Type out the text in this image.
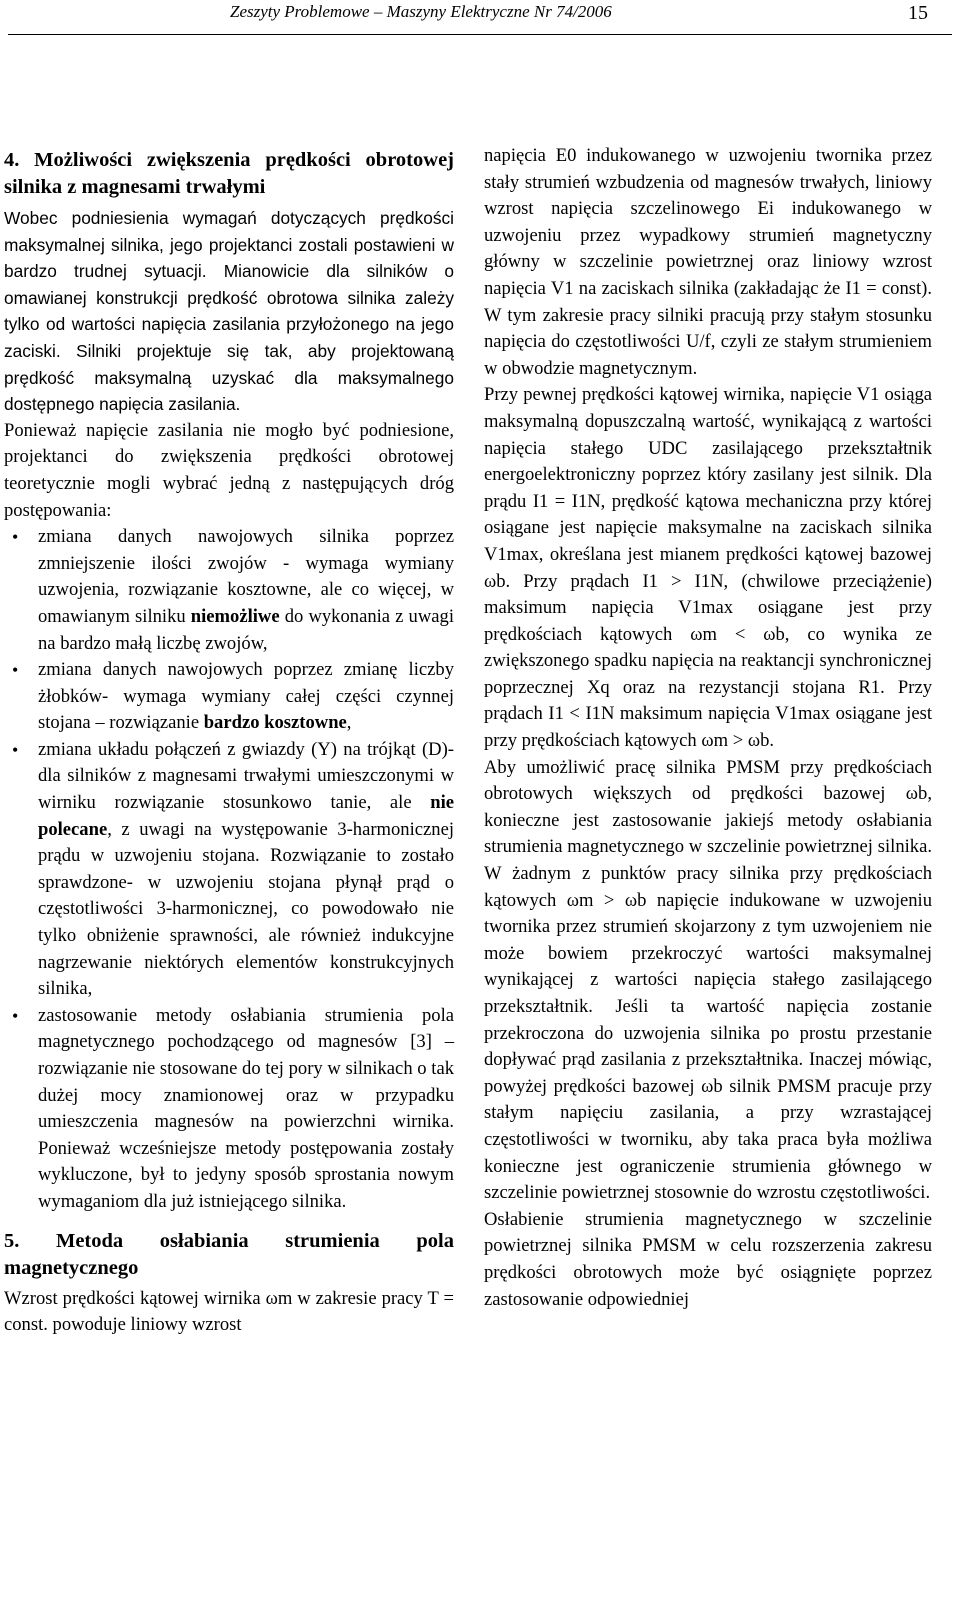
Zeszyty Problemowe – Maszyny Elektryczne Nr 74/2006	15
4. Możliwości zwiększenia prędkości obrotowej silnika z magnesami trwałymi

Wobec podniesienia wymagań dotyczących prędkości maksymalnej silnika, jego projektanci zostali postawieni w bardzo trudnej sytuacji. Mianowicie dla silników o omawianej konstrukcji prędkość obrotowa silnika zależy tylko od wartości napięcia zasilania przyłożonego na jego zaciski. Silniki projektuje się tak, aby projektowaną prędkość maksymalną uzyskać dla maksymalnego dostępnego napięcia zasilania.

Ponieważ napięcie zasilania nie mogło być podniesione, projektanci do zwiększenia prędkości obrotowej teoretycznie mogli wybrać jedną z następujących dróg postępowania:

• zmiana danych nawojowych silnika poprzez zmniejszenie ilości zwojów - wymaga wymiany uzwojenia, rozwiązanie kosztowne, ale co więcej, w omawianym silniku niemożliwe do wykonania z uwagi na bardzo małą liczbę zwojów,
• zmiana danych nawojowych poprzez zmianę liczby żłobków- wymaga wymiany całej części czynnej stojana – rozwiązanie bardzo kosztowne,
• zmiana układu połączeń z gwiazdy (Y) na trójkąt (D)- dla silników z magnesami trwałymi umieszczonymi w wirniku rozwiązanie stosunkowo tanie, ale nie polecane, z uwagi na występowanie 3-harmonicznej prądu w uzwojeniu stojana. Rozwiązanie to zostało sprawdzone- w uzwojeniu stojana płynął prąd o częstotliwości 3-harmonicznej, co powodowało nie tylko obniżenie sprawności, ale również indukcyjne nagrzewanie niektórych elementów konstrukcyjnych silnika,
• zastosowanie metody osłabiania strumienia pola magnetycznego pochodzącego od magnesów [3] – rozwiązanie nie stosowane do tej pory w silnikach o tak dużej mocy znamionowej oraz w przypadku umieszczenia magnesów na powierzchni wirnika. Ponieważ wcześniejsze metody postępowania zostały wykluczone, był to jedyny sposób sprostania nowym wymaganiom dla już istniejącego silnika.
5. Metoda osłabiania strumienia pola magnetycznego

Wzrost prędkości kątowej wirnika ωm w zakresie pracy T = const. powoduje liniowy wzrost

napięcia E0 indukowanego w uzwojeniu twornika przez stały strumień wzbudzenia od magnesów trwałych, liniowy wzrost napięcia szczelinowego Ei indukowanego w uzwojeniu przez wypadkowy strumień magnetyczny główny w szczelinie powietrznej oraz liniowy wzrost napięcia V1 na zaciskach silnika (zakładając że I1 = const). W tym zakresie pracy silniki pracują przy stałym stosunku napięcia do częstotliwości U/f, czyli ze stałym strumieniem w obwodzie magnetycznym.

Przy pewnej prędkości kątowej wirnika, napięcie V1 osiąga maksymalną dopuszczalną wartość, wynikającą z wartości napięcia stałego UDC zasilającego przekształtnik energoelektroniczny poprzez który zasilany jest silnik. Dla prądu I1 = I1N, prędkość kątowa mechaniczna przy której osiągane jest napięcie maksymalne na zaciskach silnika V1max, określana jest mianem prędkości kątowej bazowej ωb. Przy prądach I1 > I1N, (chwilowe przeciążenie) maksimum napięcia V1max osiągane jest przy prędkościach kątowych ωm < ωb, co wynika ze zwiększonego spadku napięcia na reaktancji synchronicznej poprzecznej Xq oraz na rezystancji stojana R1. Przy prądach I1 < I1N maksimum napięcia V1max osiągane jest przy prędkościach kątowych ωm > ωb.

Aby umożliwić pracę silnika PMSM przy prędkościach obrotowych większych od prędkości bazowej ωb, konieczne jest zastosowanie jakiejś metody osłabiania strumienia magnetycznego w szczelinie powietrznej silnika. W żadnym z punktów pracy silnika przy prędkościach kątowych ωm > ωb napięcie indukowane w uzwojeniu twornika przez strumień skojarzony z tym uzwojeniem nie może bowiem przekroczyć wartości maksymalnej wynikającej z wartości napięcia stałego zasilającego przekształtnik. Jeśli ta wartość napięcia zostanie przekroczona do uzwojenia silnika po prostu przestanie dopływać prąd zasilania z przekształtnika. Inaczej mówiąc, powyżej prędkości bazowej ωb silnik PMSM pracuje przy stałym napięciu zasilania, a przy wzrastającej częstotliwości w tworniku, aby taka praca była możliwa konieczne jest ograniczenie strumienia głównego w szczelinie powietrznej stosownie do wzrostu częstotliwości.

Osłabienie strumienia magnetycznego w szczelinie powietrznej silnika PMSM w celu rozszerzenia zakresu prędkości obrotowych może być osiągnięte poprzez zastosowanie odpowiedniej
